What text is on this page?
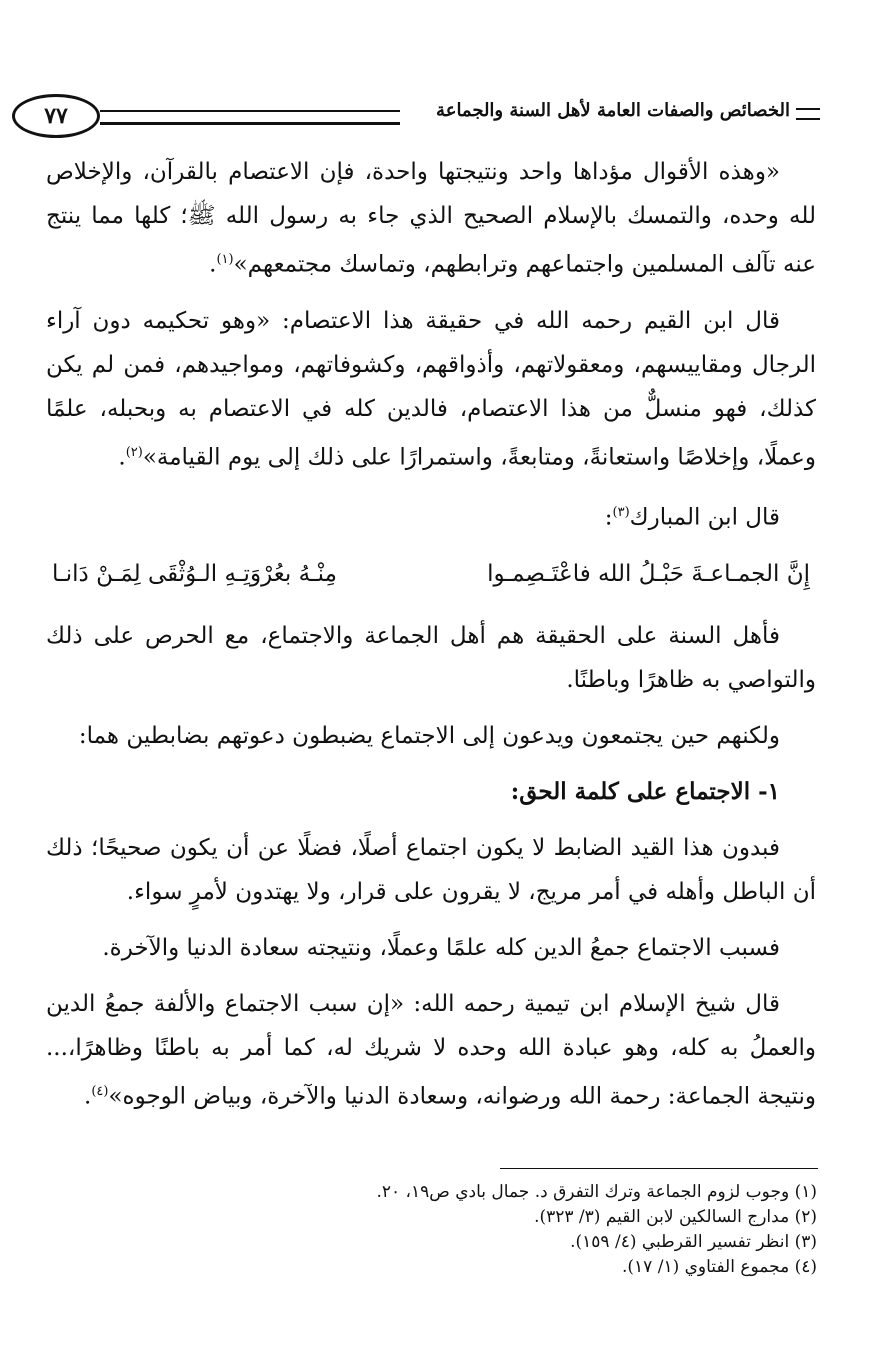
٧٧	الخصائص والصفات العامة لأهل السنة والجماعة

«وهذه الأقوال مؤداها واحد ونتيجتها واحدة، فإن الاعتصام بالقرآن، والإخلاص لله وحده، والتمسك بالإسلام الصحيح الذي جاء به رسول الله ﷺ؛ كلها مما ينتج عنه تآلف المسلمين واجتماعهم وترابطهم، وتماسك مجتمعهم»$^{(١)}$.

قال ابن القيم رحمه الله في حقيقة هذا الاعتصام: «وهو تحكيمه دون آراء الرجال ومقاييسهم، ومعقولاتهم، وأذواقهم، وكشوفاتهم، ومواجيدهم، فمن لم يكن كذلك، فهو منسلٌّ من هذا الاعتصام، فالدين كله في الاعتصام به وبحبله، علمًا وعملًا، وإخلاصًا واستعانةً، ومتابعةً، واستمرارًا على ذلك إلى يوم القيامة»$^{(٢)}$.

قال ابن المبارك$^{(٣)}$:

إِنَّ الجمـاعـةَ حَبْـلُ الله فاعْتَـصِمـوا
مِنْـهُ بعُرْوَتِـهِ الـوُثْقَى لِمَـنْ دَانـا

فأهل السنة على الحقيقة هم أهل الجماعة والاجتماع، مع الحرص على ذلك والتواصي به ظاهرًا وباطنًا.

ولكنهم حين يجتمعون ويدعون إلى الاجتماع يضبطون دعوتهم بضابطين هما:

١- الاجتماع على كلمة الحق:

فبدون هذا القيد الضابط لا يكون اجتماع أصلًا، فضلًا عن أن يكون صحيحًا؛ ذلك أن الباطل وأهله في أمر مريج، لا يقرون على قرار، ولا يهتدون لأمرٍ سواء.

فسبب الاجتماع جمعُ الدين كله علمًا وعملًا، ونتيجته سعادة الدنيا والآخرة.

قال شيخ الإسلام ابن تيمية رحمه الله: «إن سبب الاجتماع والألفة جمعُ الدين والعملُ به كله، وهو عبادة الله وحده لا شريك له، كما أمر به باطنًا وظاهرًا،... ونتيجة الجماعة: رحمة الله ورضوانه، وسعادة الدنيا والآخرة، وبياض الوجوه»$^{(٤)}$.

(١) وجوب لزوم الجماعة وترك التفرق د. جمال بادي ص١٩، ٢٠.
(٢) مدارج السالكين لابن القيم (٣/ ٣٢٣).
(٣) انظر تفسير القرطبي (٤/ ١٥٩).
(٤) مجموع الفتاوي (١/ ١٧).
